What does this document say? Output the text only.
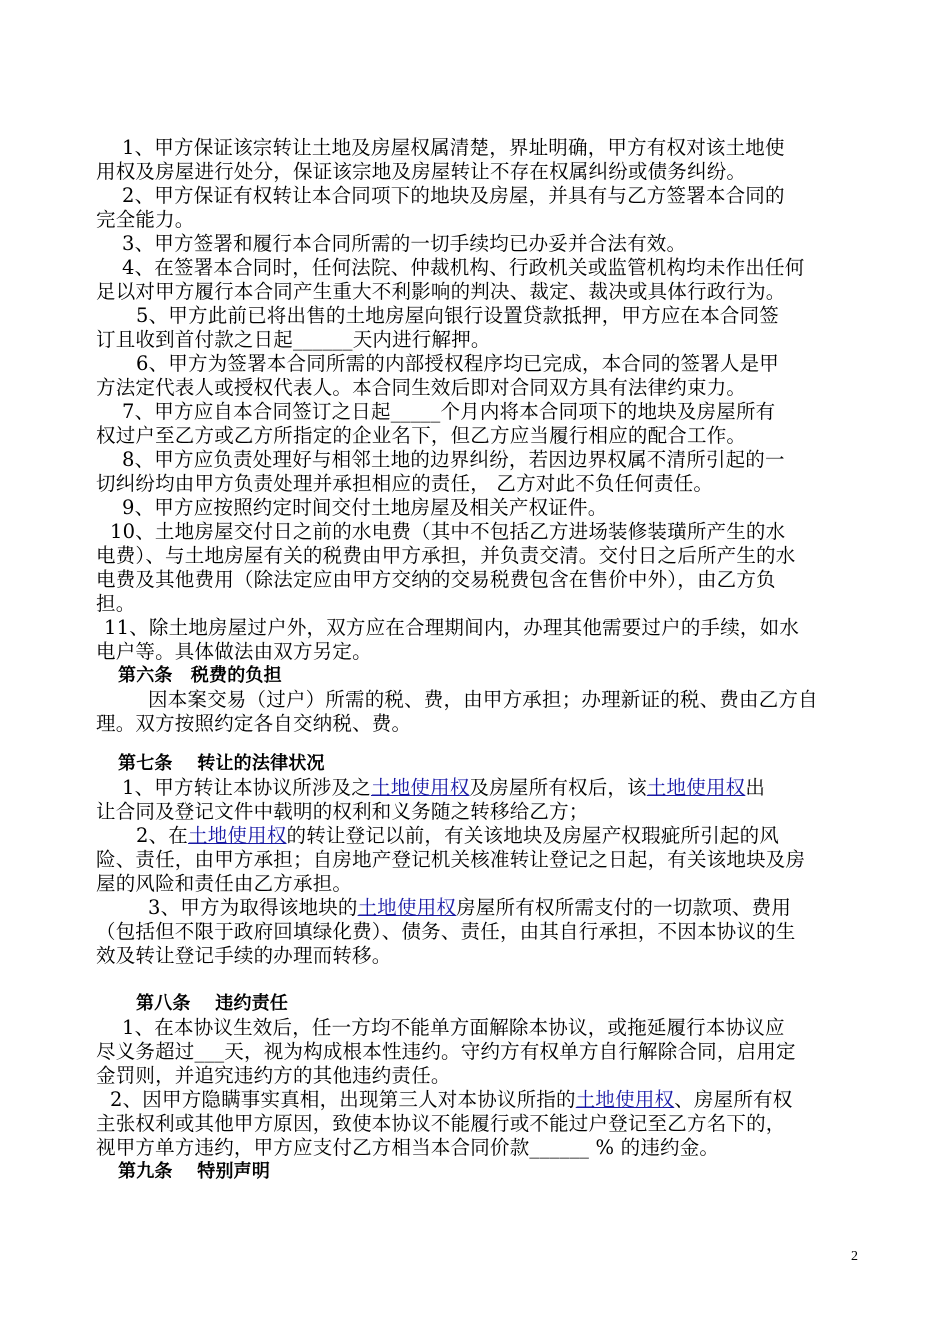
1、甲方保证该宗转让土地及房屋权属清楚，界址明确，甲方有权对该土地使
用权及房屋进行处分，保证该宗地及房屋转让不存在权属纠纷或债务纠纷。
2、甲方保证有权转让本合同项下的地块及房屋，并具有与乙方签署本合同的
完全能力。
3、甲方签署和履行本合同所需的一切手续均已办妥并合法有效。
4、在签署本合同时，任何法院、仲裁机构、行政机关或监管机构均未作出任何
足以对甲方履行本合同产生重大不利影响的判决、裁定、裁决或具体行政行为。
5、甲方此前已将出售的土地房屋向银行设置贷款抵押，甲方应在本合同签
订且收到首付款之日起______天内进行解押。
6、甲方为签署本合同所需的内部授权程序均已完成，本合同的签署人是甲
方法定代表人或授权代表人。本合同生效后即对合同双方具有法律约束力。
7、甲方应自本合同签订之日起_____个月内将本合同项下的地块及房屋所有
权过户至乙方或乙方所指定的企业名下，但乙方应当履行相应的配合工作。
8、甲方应负责处理好与相邻土地的边界纠纷，若因边界权属不清所引起的一
切纠纷均由甲方负责处理并承担相应的责任， 乙方对此不负任何责任。
9、甲方应按照约定时间交付土地房屋及相关产权证件。
10、土地房屋交付日之前的水电费（其中不包括乙方进场装修装璜所产生的水
电费）、与土地房屋有关的税费由甲方承担，并负责交清。交付日之后所产生的水
电费及其他费用（除法定应由甲方交纳的交易税费包含在售价中外），由乙方负
担。
11、除土地房屋过户外，双方应在合理期间内，办理其他需要过户的手续，如水
电户等。具体做法由双方另定。
第六条　税费的负担
因本案交易（过户）所需的税、费，由甲方承担；办理新证的税、费由乙方自
理。双方按照约定各自交纳税、费。
第七条　 转让的法律状况
1、甲方转让本协议所涉及之土地使用权及房屋所有权后，该土地使用权出
让合同及登记文件中载明的权利和义务随之转移给乙方；
2、在土地使用权的转让登记以前，有关该地块及房屋产权瑕疵所引起的风
险、责任，由甲方承担；自房地产登记机关核准转让登记之日起，有关该地块及房
屋的风险和责任由乙方承担。
3、甲方为取得该地块的土地使用权房屋所有权所需支付的一切款项、费用
（包括但不限于政府回填绿化费）、债务、责任，由其自行承担，不因本协议的生
效及转让登记手续的办理而转移。
第八条　 违约责任
1、在本协议生效后，任一方均不能单方面解除本协议，或拖延履行本协议应
尽义务超过___天，视为构成根本性违约。守约方有权单方自行解除合同，启用定
金罚则，并追究违约方的其他违约责任。
2、因甲方隐瞒事实真相，出现第三人对本协议所指的土地使用权、房屋所有权
主张权利或其他甲方原因，致使本协议不能履行或不能过户登记至乙方名下的，
视甲方单方违约，甲方应支付乙方相当本合同价款______ % 的违约金。
第九条　 特别声明
2
